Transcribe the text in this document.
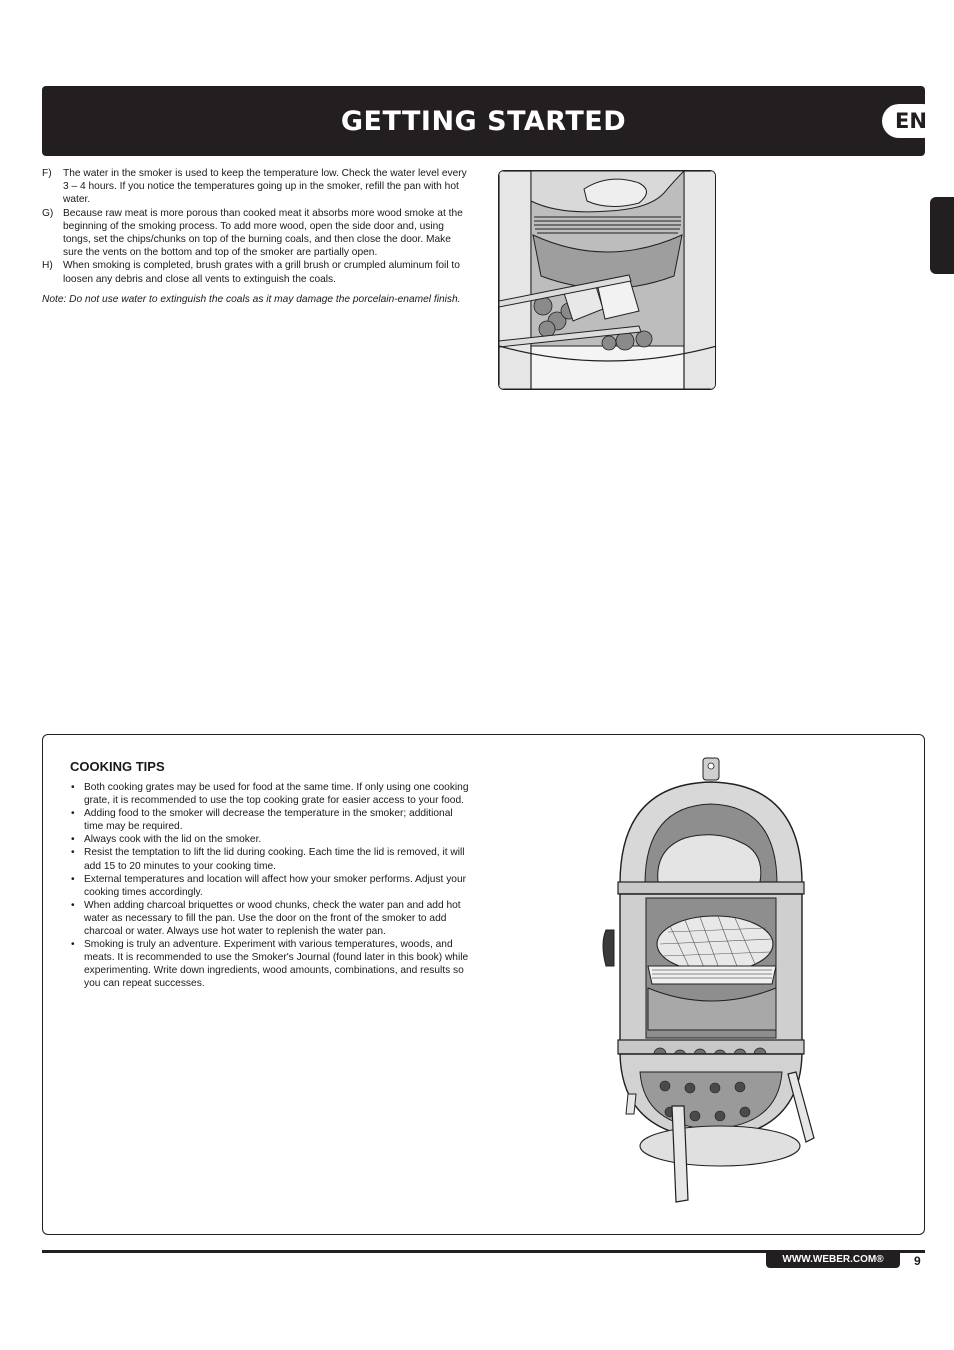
GETTING STARTED	EN
F) The water in the smoker is used to keep the temperature low. Check the water level every 3 – 4 hours. If you notice the temperatures going up in the smoker, refill the pan with hot water.
G) Because raw meat is more porous than cooked meat it absorbs more wood smoke at the beginning of the smoking process. To add more wood, open the side door and, using tongs, set the chips/chunks on top of the burning coals, and then close the door. Make sure the vents on the bottom and top of the smoker are partially open.
H) When smoking is completed, brush grates with a grill brush or crumpled aluminum foil to loosen any debris and close all vents to extinguish the coals.

Note: Do not use water to extinguish the coals as it may damage the porcelain-enamel finish.

COOKING TIPS
• Both cooking grates may be used for food at the same time. If only using one cooking grate, it is recommended to use the top cooking grate for easier access to your food.
• Adding food to the smoker will decrease the temperature in the smoker; additional time may be required.
• Always cook with the lid on the smoker.
• Resist the temptation to lift the lid during cooking. Each time the lid is removed, it will add 15 to 20 minutes to your cooking time.
• External temperatures and location will affect how your smoker performs. Adjust your cooking times accordingly.
• When adding charcoal briquettes or wood chunks, check the water pan and add hot water as necessary to fill the pan. Use the door on the front of the smoker to add charcoal or water. Always use hot water to replenish the water pan.
• Smoking is truly an adventure. Experiment with various temperatures, woods, and meats. It is recommended to use the Smoker's Journal (found later in this book) while experimenting. Write down ingredients, wood amounts, combinations, and results so you can repeat successes.
WWW.WEBER.COM®	9
